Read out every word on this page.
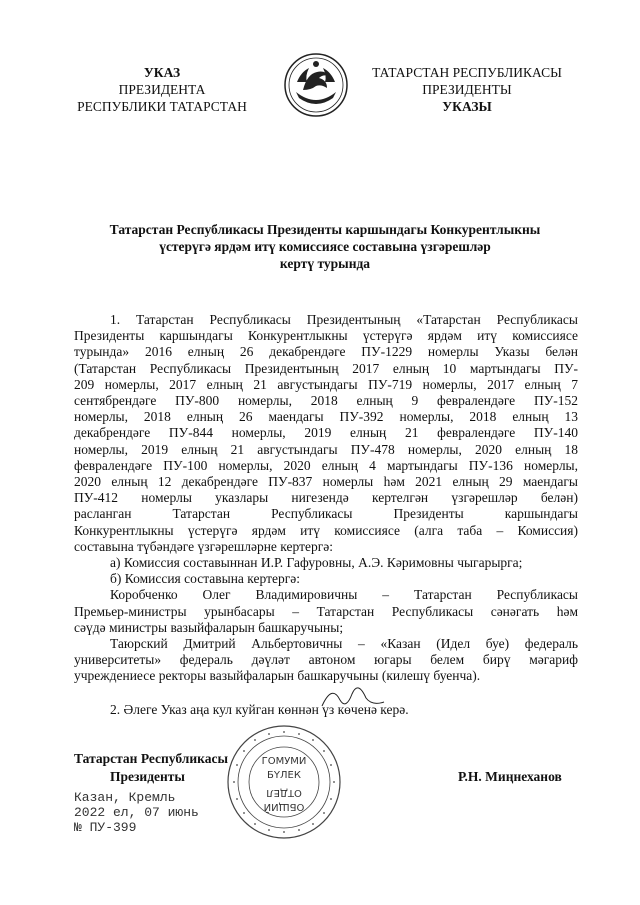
УКАЗ
ПРЕЗИДЕНТА
РЕСПУБЛИКИ ТАТАРСТАН
ТАТАРСТАН РЕСПУБЛИКАСЫ
ПРЕЗИДЕНТЫ
УКАЗЫ
Татарстан Республикасы Президенты каршындагы Конкурентлыкны
үстерүгә ярдәм итү комиссиясе составына үзгәрешләр
кертү турында
1. Татарстан Республикасы Президентының «Татарстан Республикасы
Президенты каршындагы Конкурентлыкны үстерүгә ярдәм итү комиссиясе
турында» 2016 елның 26 декабрендәге ПУ-1229 номерлы Указы белән
(Татарстан Республикасы Президентының 2017 елның 10 мартындагы ПУ-
209 номерлы, 2017 елның 21 августындагы ПУ-719 номерлы, 2017 елның 7
сентябрендәге ПУ-800 номерлы, 2018 елның 9 февралендәге ПУ-152
номерлы, 2018 елның 26 маендагы ПУ-392 номерлы, 2018 елның 13
декабрендәге ПУ-844 номерлы, 2019 елның 21 февралендәге ПУ-140
номерлы, 2019 елның 21 августындагы ПУ-478 номерлы, 2020 елның 18
февралендәге ПУ-100 номерлы, 2020 елның 4 мартындагы ПУ-136 номерлы,
2020 елның 12 декабрендәге ПУ-837 номерлы һәм 2021 елның 29 маендагы
ПУ-412 номерлы указлары нигезендә кертелгән үзгәрешләр белән)
расланган Татарстан Республикасы Президенты каршындагы
Конкурентлыкны үстерүгә ярдәм итү комиссиясе (алга таба – Комиссия)
составына түбәндәге үзгәрешләрне кертергә:
а) Комиссия составыннан И.Р. Гафуровны, А.Э. Кәримовны чыгарырга;
б) Комиссия составына кертергә:
Коробченко Олег Владимировичны – Татарстан Республикасы
Премьер-министры урынбасары – Татарстан Республикасы сәнәгать һәм
сәүдә министры вазыйфаларын башкаручыны;
Таюрский Дмитрий Альбертовичны – «Казан (Идел буе) федераль
университеты» федераль дәүләт автоном югары белем бирү мәгариф
учреждениесе ректоры вазыйфаларын башкаручыны (килешү буенча).
2. Әлеге Указ аңа кул куйган көннән үз көченә керә.
Татарстан Республикасы
Президенты	Р.Н. Миңнеханов
Казан, Кремль
2022 ел, 07 июнь
№ ПУ-399
ГОМУМИ
БҮЛЕК
ОТДЕЛ
ОБЩИЙ
